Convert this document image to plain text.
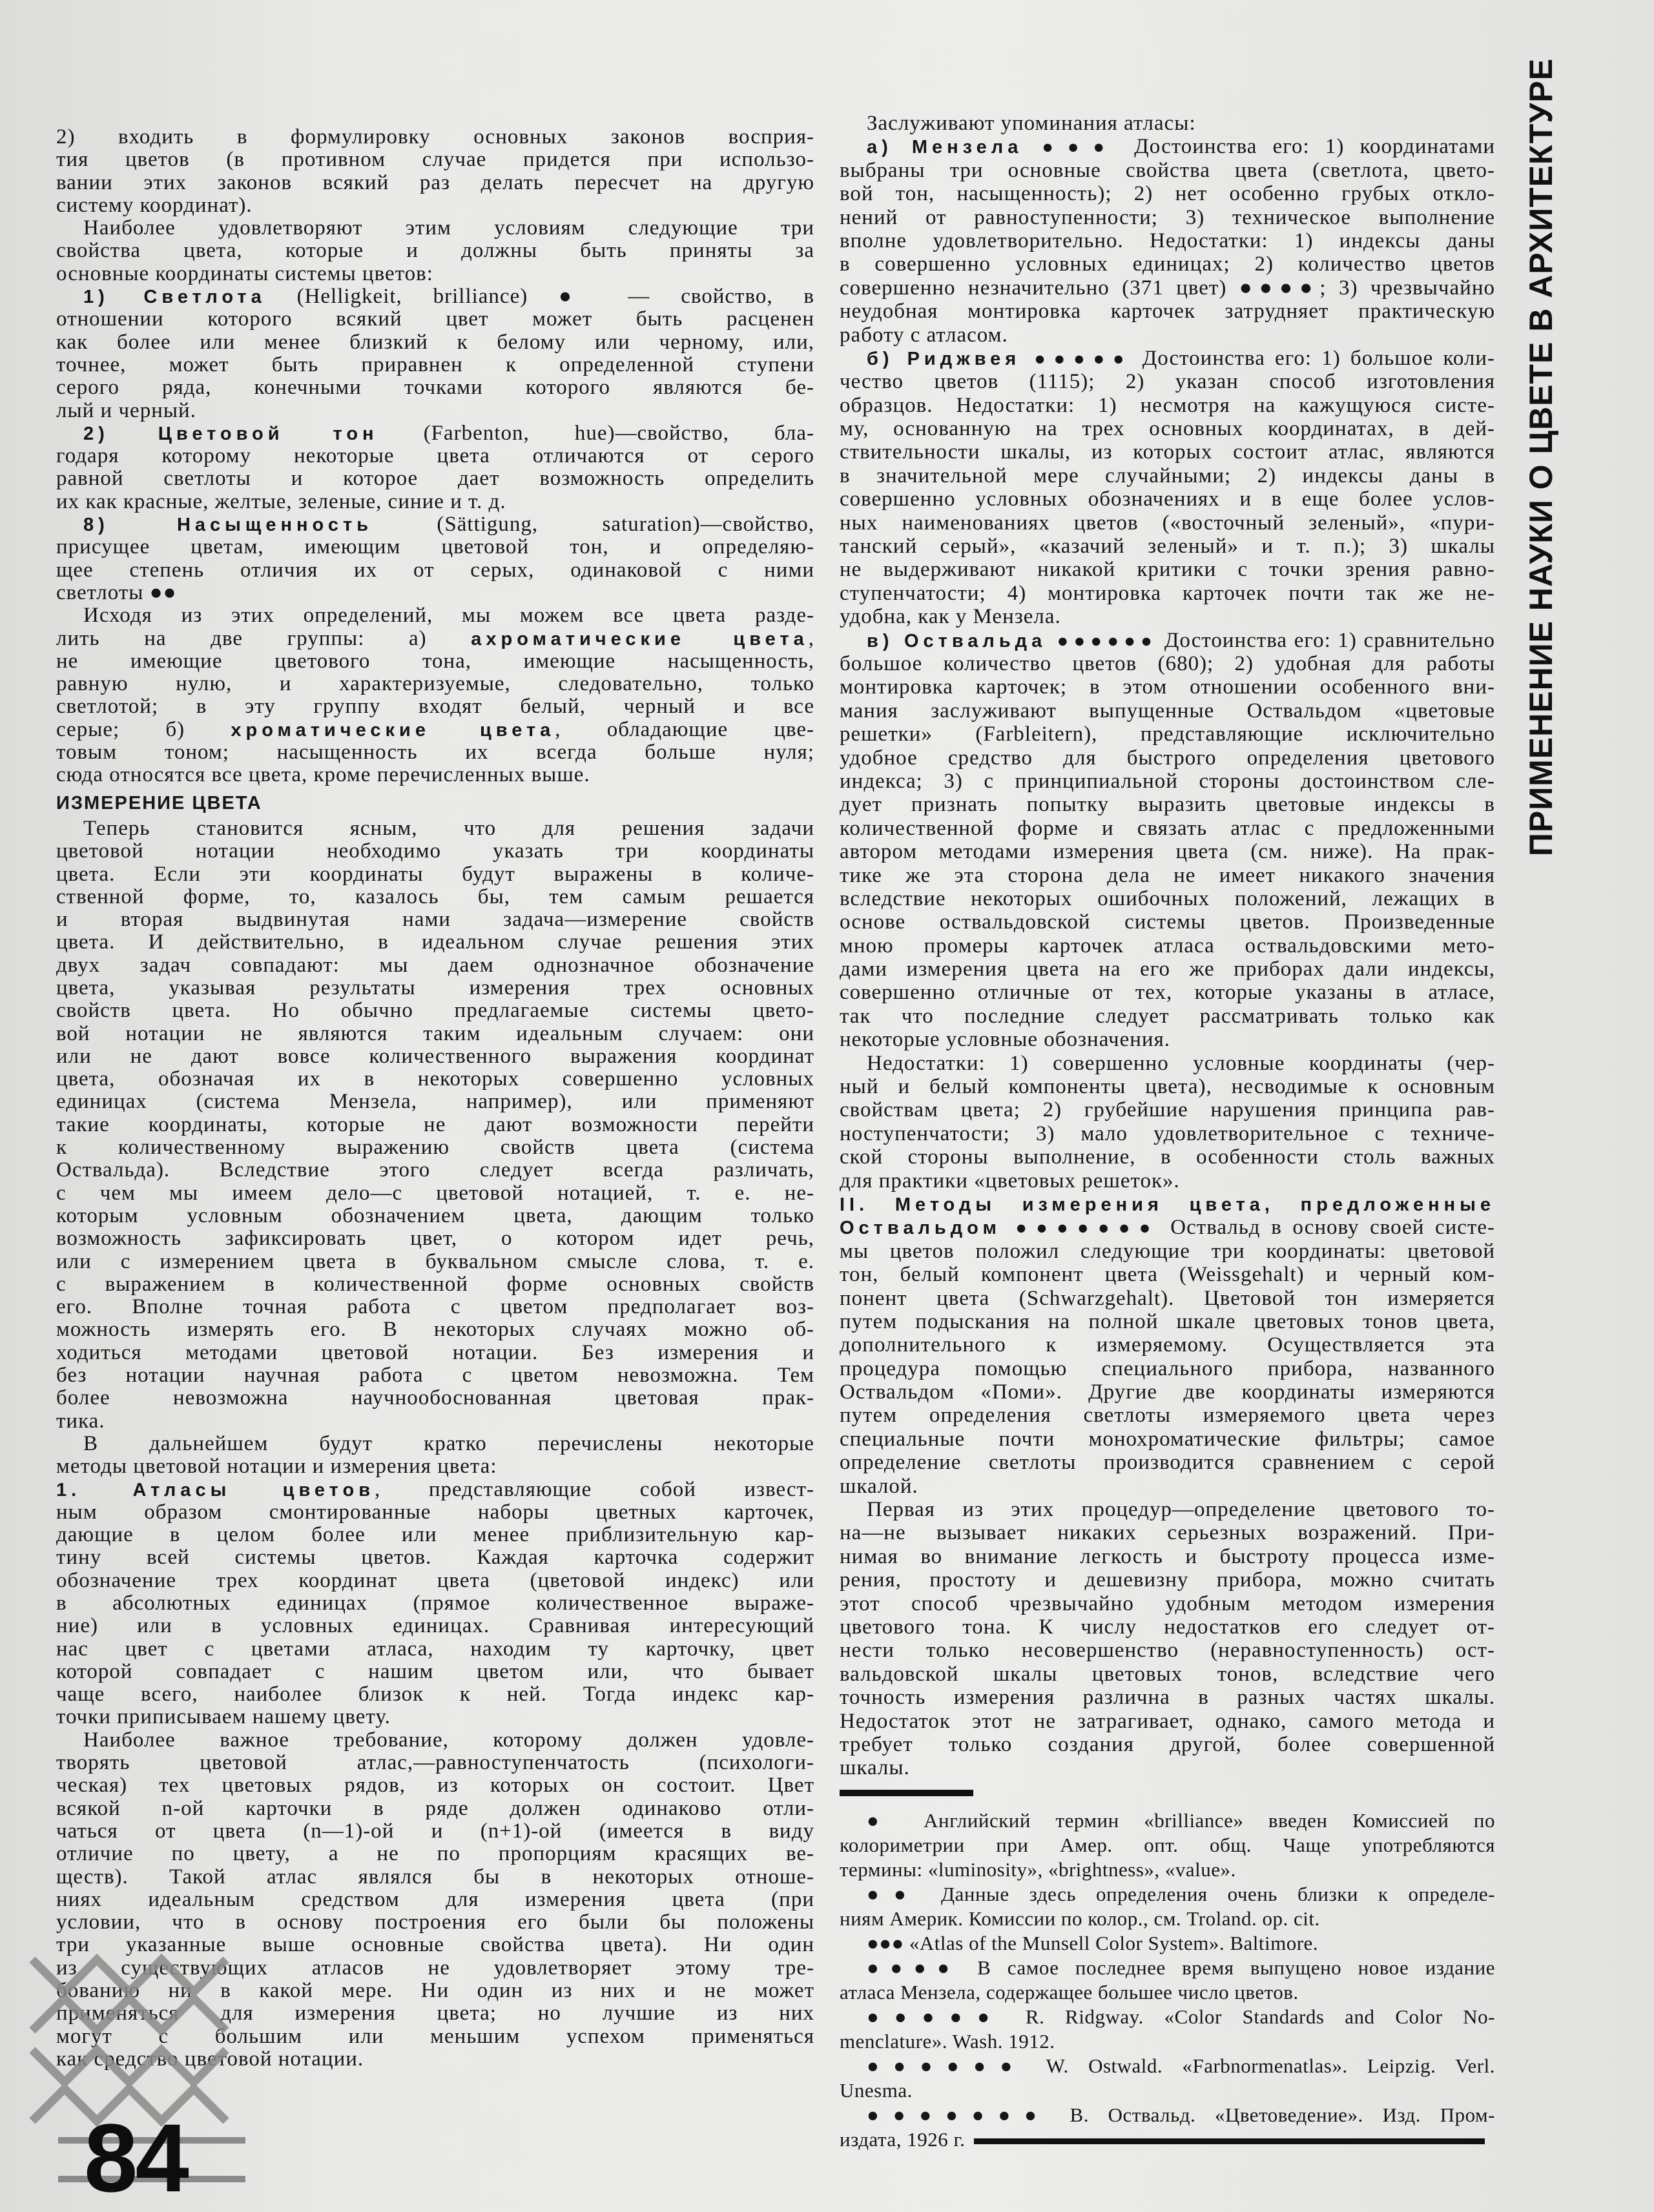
ПРИМЕНЕНИЕ НАУКИ О ЦВЕТЕ В АРХИТЕКТУРЕ
2) входить в формулировку основных законов восприя-
тия цветов (в противном случае придется при использо-
вании этих законов всякий раз делать пересчет на другую
систему координат).
Наиболее удовлетворяют этим условиям следующие три
свойства цвета, которые и должны быть приняты за
основные координаты системы цветов:
1) Светлота (Helligkeit, brilliance) ● — свойство, в
отношении которого всякий цвет может быть расценен
как более или менее близкий к белому или черному, или,
точнее, может быть приравнен к определенной ступени
серого ряда, конечными точками которого являются бе-
лый и черный.
2) Цветовой тон (Farbenton, hue)—свойство, бла-
годаря которому некоторые цвета отличаются от серого
равной светлоты и которое дает возможность определить
их как красные, желтые, зеленые, синие и т. д.
8) Насыщенность (Sättigung, saturation)—свойство,
присущее цветам, имеющим цветовой тон, и определяю-
щее степень отличия их от серых, одинаковой с ними
светлоты ●●
Исходя из этих определений, мы можем все цвета разде-
лить на две группы: а) ахроматические цвета,
не имеющие цветового тона, имеющие насыщенность,
равную нулю, и характеризуемые, следовательно, только
светлотой; в эту группу входят белый, черный и все
серые; б) хроматические цвета, обладающие цве-
товым тоном; насыщенность их всегда больше нуля;
сюда относятся все цвета, кроме перечисленных выше.
ИЗМЕРЕНИЕ ЦВЕТА
Теперь становится ясным, что для решения задачи
цветовой нотации необходимо указать три координаты
цвета. Если эти координаты будут выражены в количе-
ственной форме, то, казалось бы, тем самым решается
и вторая выдвинутая нами задача—измерение свойств
цвета. И действительно, в идеальном случае решения этих
двух задач совпадают: мы даем однозначное обозначение
цвета, указывая результаты измерения трех основных
свойств цвета. Но обычно предлагаемые системы цвето-
вой нотации не являются таким идеальным случаем: они
или не дают вовсе количественного выражения координат
цвета, обозначая их в некоторых совершенно условных
единицах (система Мензела, например), или применяют
такие координаты, которые не дают возможности перейти
к количественному выражению свойств цвета (система
Оствальда). Вследствие этого следует всегда различать,
с чем мы имеем дело—с цветовой нотацией, т. е. не-
которым условным обозначением цвета, дающим только
возможность зафиксировать цвет, о котором идет речь,
или с измерением цвета в буквальном смысле слова, т. е.
с выражением в количественной форме основных свойств
его. Вполне точная работа с цветом предполагает воз-
можность измерять его. В некоторых случаях можно об-
ходиться методами цветовой нотации. Без измерения и
без нотации научная работа с цветом невозможна. Тем
более невозможна научнообоснованная цветовая прак-
тика.
В дальнейшем будут кратко перечислены некоторые
методы цветовой нотации и измерения цвета:
1. Атласы цветов, представляющие собой извест-
ным образом смонтированные наборы цветных карточек,
дающие в целом более или менее приблизительную кар-
тину всей системы цветов. Каждая карточка содержит
обозначение трех координат цвета (цветовой индекс) или
в абсолютных единицах (прямое количественное выраже-
ние) или в условных единицах. Сравнивая интересующий
нас цвет с цветами атласа, находим ту карточку, цвет
которой совпадает с нашим цветом или, что бывает
чаще всего, наиболее близок к ней. Тогда индекс кар-
точки приписываем нашему цвету.
Наиболее важное требование, которому должен удовле-
творять цветовой атлас,—равноступенчатость (психологи-
ческая) тех цветовых рядов, из которых он состоит. Цвет
всякой n-ой карточки в ряде должен одинаково отли-
чаться от цвета (n—1)-ой и (n+1)-ой (имеется в виду
отличие по цвету, а не по пропорциям красящих ве-
ществ). Такой атлас являлся бы в некоторых отноше-
ниях идеальным средством для измерения цвета (при
условии, что в основу построения его были бы положены
три указанные выше основные свойства цвета). Ни один
из существующих атласов не удовлетворяет этому тре-
бованию ни в какой мере. Ни один из них и не может
применяться для измерения цвета; но лучшие из них
могут с большим или меньшим успехом применяться
как средство цветовой нотации.
Заслуживают упоминания атласы:
а) Мензела ●●● Достоинства его: 1) координатами
выбраны три основные свойства цвета (светлота, цвето-
вой тон, насыщенность); 2) нет особенно грубых откло-
нений от равноступенности; 3) техническое выполнение
вполне удовлетворительно. Недостатки: 1) индексы даны
в совершенно условных единицах; 2) количество цветов
совершенно незначительно (371 цвет) ●●●●; 3) чрезвычайно
неудобная монтировка карточек затрудняет практическую
работу с атласом.
б) Риджвея ●●●●● Достоинства его: 1) большое коли-
чество цветов (1115); 2) указан способ изготовления
образцов. Недостатки: 1) несмотря на кажущуюся систе-
му, основанную на трех основных координатах, в дей-
ствительности шкалы, из которых состоит атлас, являются
в значительной мере случайными; 2) индексы даны в
совершенно условных обозначениях и в еще более услов-
ных наименованиях цветов («восточный зеленый», «пури-
танский серый», «казачий зеленый» и т. п.); 3) шкалы
не выдерживают никакой критики с точки зрения равно-
ступенчатости; 4) монтировка карточек почти так же не-
удобна, как у Мензела.
в) Оствальда ●●●●●● Достоинства его: 1) сравнительно
большое количество цветов (680); 2) удобная для работы
монтировка карточек; в этом отношении особенного вни-
мания заслуживают выпущенные Оствальдом «цветовые
решетки» (Farbleitern), представляющие исключительно
удобное средство для быстрого определения цветового
индекса; 3) с принципиальной стороны достоинством сле-
дует признать попытку выразить цветовые индексы в
количественной форме и связать атлас с предложенными
автором методами измерения цвета (см. ниже). На прак-
тике же эта сторона дела не имеет никакого значения
вследствие некоторых ошибочных положений, лежащих в
основе оствальдовской системы цветов. Произведенные
мною промеры карточек атласа оствальдовскими мето-
дами измерения цвета на его же приборах дали индексы,
совершенно отличные от тех, которые указаны в атласе,
так что последние следует рассматривать только как
некоторые условные обозначения.
Недостатки: 1) совершенно условные координаты (чер-
ный и белый компоненты цвета), несводимые к основным
свойствам цвета; 2) грубейшие нарушения принципа рав-
ноступенчатости; 3) мало удовлетворительное с техниче-
ской стороны выполнение, в особенности столь важных
для практики «цветовых решеток».
II. Методы измерения цвета, предложенные
Оствальдом ●●●●●●● Оствальд в основу своей систе-
мы цветов положил следующие три координаты: цветовой
тон, белый компонент цвета (Weissgehalt) и черный ком-
понент цвета (Schwarzgehalt). Цветовой тон измеряется
путем подыскания на полной шкале цветовых тонов цвета,
дополнительного к измеряемому. Осуществляется эта
процедура помощью специального прибора, названного
Оствальдом «Поми». Другие две координаты измеряются
путем определения светлоты измеряемого цвета через
специальные почти монохроматические фильтры; самое
определение светлоты производится сравнением с серой
шкалой.
Первая из этих процедур—определение цветового то-
на—не вызывает никаких серьезных возражений. При-
нимая во внимание легкость и быстроту процесса изме-
рения, простоту и дешевизну прибора, можно считать
этот способ чрезвычайно удобным методом измерения
цветового тона. К числу недостатков его следует от-
нести только несовершенство (неравноступенность) ост-
вальдовской шкалы цветовых тонов, вследствие чего
точность измерения различна в разных частях шкалы.
Недостаток этот не затрагивает, однако, самого метода и
требует только создания другой, более совершенной
шкалы.
● Английский термин «brilliance» введен Комиссией по
колориметрии при Амер. опт. общ. Чаще употребляются
термины: «luminosity», «brightness», «value».
●● Данные здесь определения очень близки к определе-
ниям Америк. Комиссии по колор., см. Troland. op. cit.
●●● «Atlas of the Munsell Color System». Baltimore.
●●●● В самое последнее время выпущено новое издание
атласа Мензела, содержащее большее число цветов.
●●●●● R. Ridgway. «Color Standards and Color No-
menclature». Wash. 1912.
●●●●●● W. Ostwald. «Farbnormenatlas». Leipzig. Verl.
Unesma.
●●●●●●● В. Оствальд. «Цветоведение». Изд. Пром-
издата, 1926 г.
84
